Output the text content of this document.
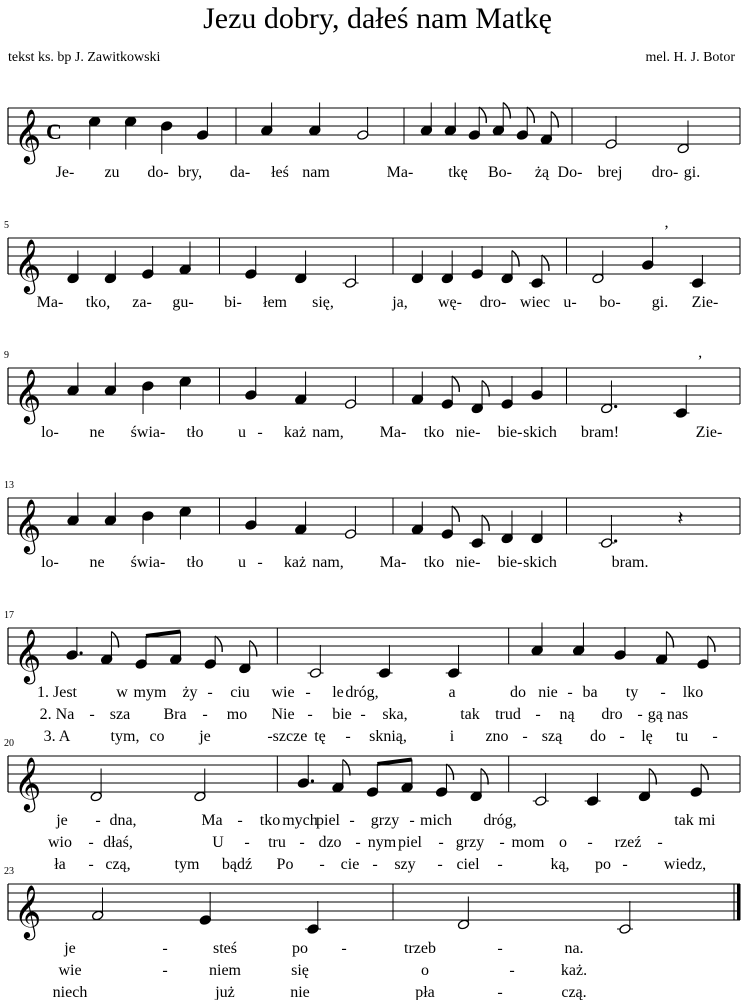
Jezu dobry, dałeś nam Matkę
tekst ks. bp J. Zawitkowski	mel. H. J. Botor
𝄞 C
Je- zu do- bry, da- łeś nam	Ma- tkę Bo- żą Do- brej dro- gi.
5
𝄞
’
Ma- tko, za- gu- bi- łem się,	ja, wę- dro- wiec u- bo- gi. Zie-
9
𝄞
’
lo- ne świa- tło u - każ nam, Ma- tko nie- bie- skich bram!	Zie-
13
𝄞	𝄽
lo- ne świa- tło u - każ nam, Ma- tko nie- bie- skich	bram.
17
𝄞
1. Jest w mym ży - ciu wie - le dróg,	a	do nie - ba ty - lko
2. Na - sza Bra - mo Nie - bie - ska,	tak trud - ną dro - gą nas
3. A	tym, co je	- szcze tę - sknią,	i zno - szą do - lę tu -
20
𝄞
je - dna,	Ma - tko mych
piel - grzy - mich dróg,	tak mi
wio - dłaś,	U - tru - dzo - nym piel - grzy - mom o - rzeź -
ła - czą,	tym bądź Po - cie - szy - ciel -	ką, po - wiedz,
23
𝄞
je	-	steś	po -	trzeb	-	na.
wie	-	niem	się	o	-	każ.
niech	już	nie	pła	-	czą.
